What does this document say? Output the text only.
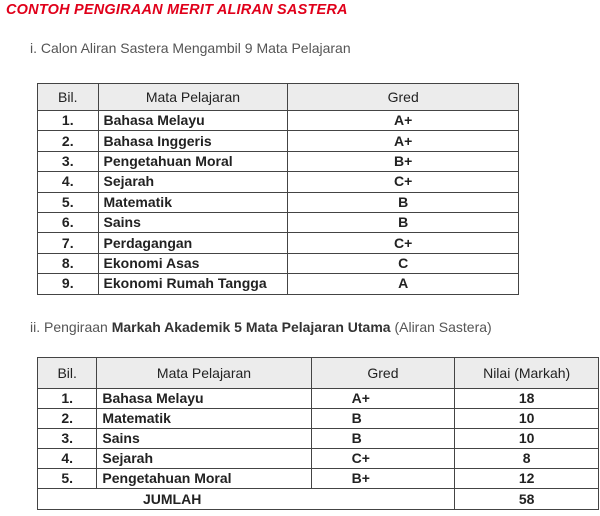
CONTOH PENGIRAAN MERIT ALIRAN SASTERA
i. Calon Aliran Sastera Mengambil 9 Mata Pelajaran
Bil.	Mata Pelajaran	Gred
1.	Bahasa Melayu	A+
2.	Bahasa Inggeris	A+
3.	Pengetahuan Moral	B+
4.	Sejarah	C+
5.	Matematik	B
6.	Sains	B
7.	Perdagangan	C+
8.	Ekonomi Asas	C
9.	Ekonomi Rumah Tangga	A
ii. Pengiraan Markah Akademik 5 Mata Pelajaran Utama (Aliran Sastera)
Bil.	Mata Pelajaran	Gred	Nilai (Markah)
1.	Bahasa Melayu	A+	18
2.	Matematik	B	10
3.	Sains	B	10
4.	Sejarah	C+	8
5.	Pengetahuan Moral	B+	12
JUMLAH			58
